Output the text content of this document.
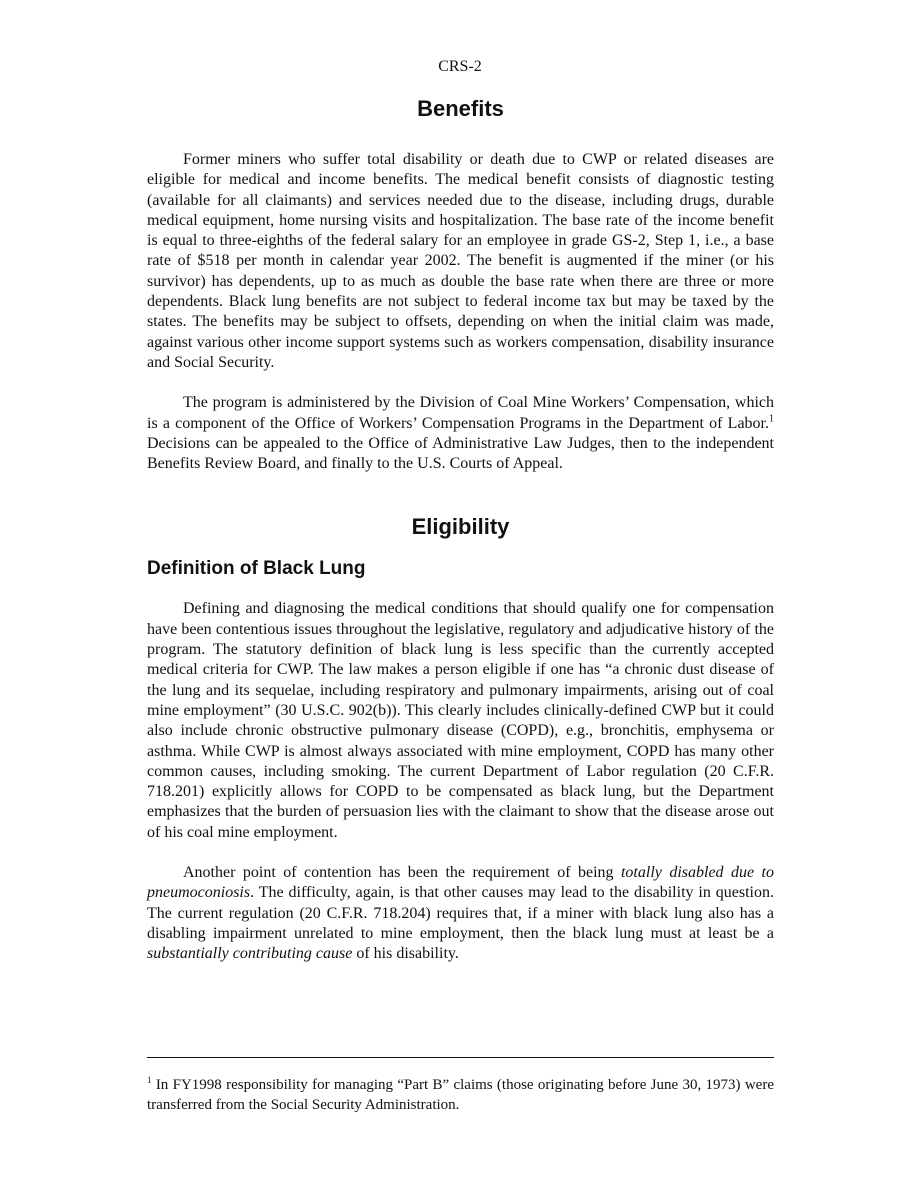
CRS-2
Benefits

Former miners who suffer total disability or death due to CWP or related diseases are eligible for medical and income benefits. The medical benefit consists of diagnostic testing (available for all claimants) and services needed due to the disease, including drugs, durable medical equipment, home nursing visits and hospitalization. The base rate of the income benefit is equal to three-eighths of the federal salary for an employee in grade GS-2, Step 1, i.e., a base rate of $518 per month in calendar year 2002. The benefit is augmented if the miner (or his survivor) has dependents, up to as much as double the base rate when there are three or more dependents. Black lung benefits are not subject to federal income tax but may be taxed by the states. The benefits may be subject to offsets, depending on when the initial claim was made, against various other income support systems such as workers compensation, disability insurance and Social Security.

The program is administered by the Division of Coal Mine Workers’ Compensation, which is a component of the Office of Workers’ Compensation Programs in the Department of Labor.$^1$ Decisions can be appealed to the Office of Administrative Law Judges, then to the independent Benefits Review Board, and finally to the U.S. Courts of Appeal.

Eligibility
Definition of Black Lung

Defining and diagnosing the medical conditions that should qualify one for compensation have been contentious issues throughout the legislative, regulatory and adjudicative history of the program. The statutory definition of black lung is less specific than the currently accepted medical criteria for CWP. The law makes a person eligible if one has “a chronic dust disease of the lung and its sequelae, including respiratory and pulmonary impairments, arising out of coal mine employment” (30 U.S.C. 902(b)). This clearly includes clinically-defined CWP but it could also include chronic obstructive pulmonary disease (COPD), e.g., bronchitis, emphysema or asthma. While CWP is almost always associated with mine employment, COPD has many other common causes, including smoking. The current Department of Labor regulation (20 C.F.R. 718.201) explicitly allows for COPD to be compensated as black lung, but the Department emphasizes that the burden of persuasion lies with the claimant to show that the disease arose out of his coal mine employment.

Another point of contention has been the requirement of being totally disabled due to pneumoconiosis. The difficulty, again, is that other causes may lead to the disability in question. The current regulation (20 C.F.R. 718.204) requires that, if a miner with black lung also has a disabling impairment unrelated to mine employment, then the black lung must at least be a substantially contributing cause of his disability.

$^1$ In FY1998 responsibility for managing “Part B” claims (those originating before June 30, 1973) were transferred from the Social Security Administration.
